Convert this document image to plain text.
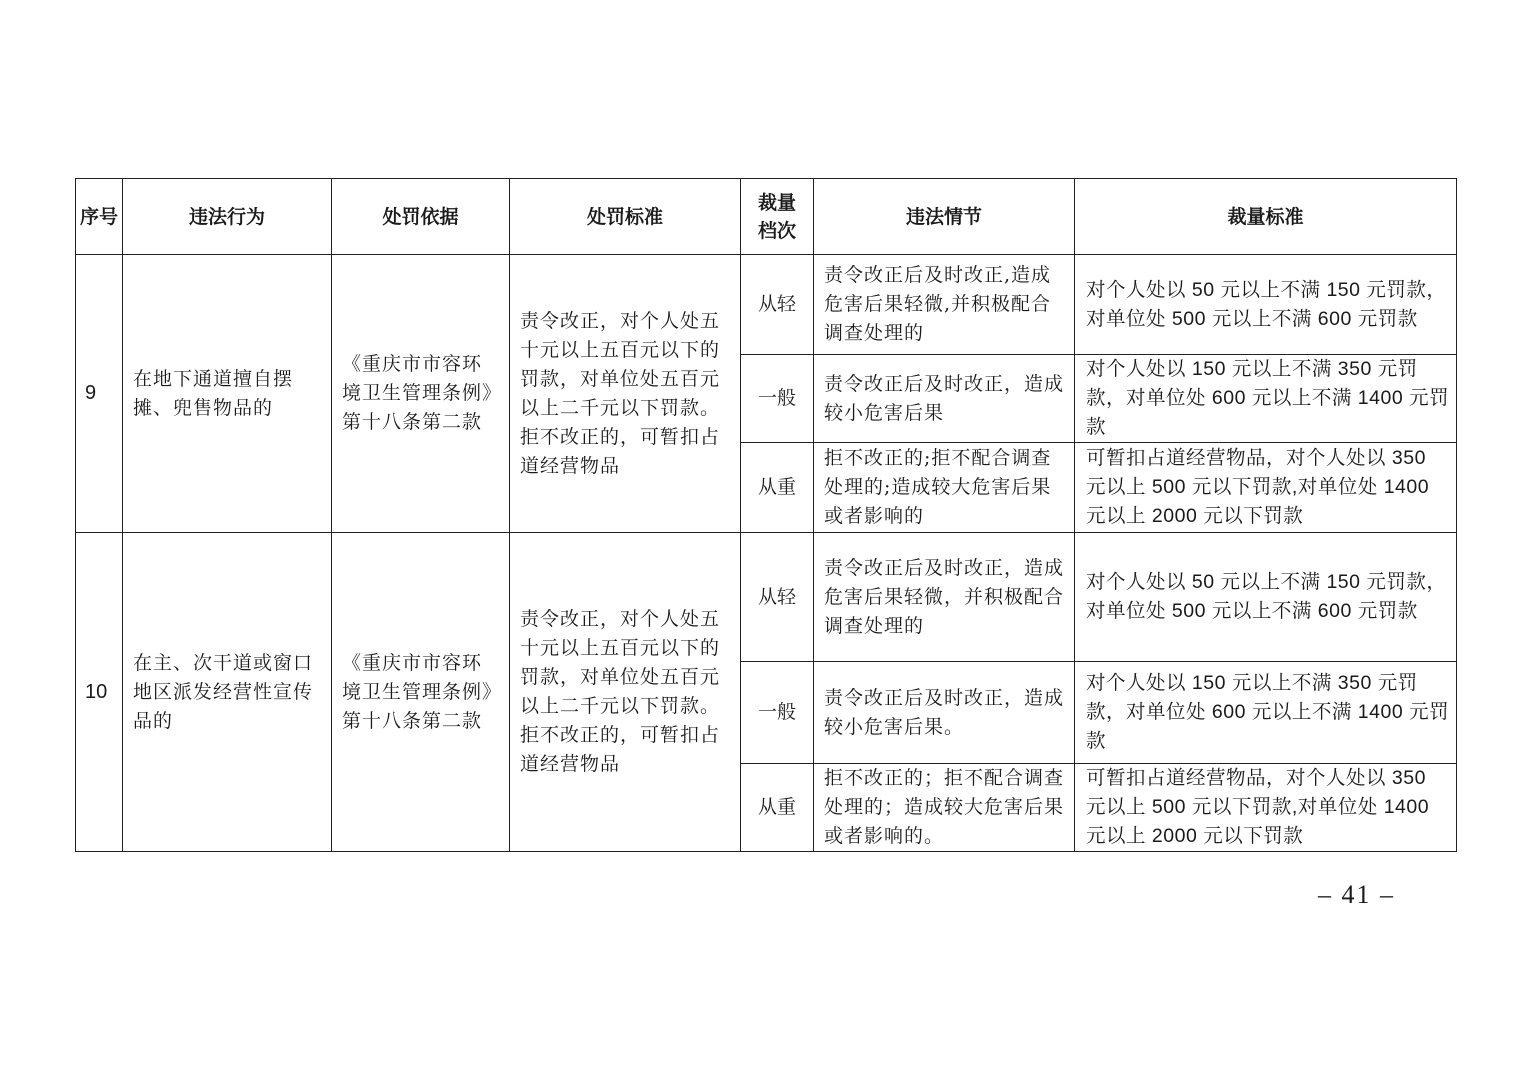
序号	违法行为	处罚依据	处罚标准	裁量档次	违法情节	裁量标准
9	在地下通道擅自摆摊、兜售物品的	《重庆市市容环境卫生管理条例》第十八条第二款	责令改正，对个人处五十元以上五百元以下的罚款，对单位处五百元以上二千元以下罚款。拒不改正的，可暂扣占道经营物品	从轻	责令改正后及时改正,造成危害后果轻微,并积极配合调查处理的	对个人处以 50 元以上不满 150 元罚款，对单位处 500 元以上不满 600 元罚款
				一般	责令改正后及时改正，造成较小危害后果	对个人处以 150 元以上不满 350 元罚款，对单位处 600 元以上不满 1400 元罚款
				从重	拒不改正的;拒不配合调查处理的;造成较大危害后果或者影响的	可暂扣占道经营物品，对个人处以 350 元以上 500 元以下罚款,对单位处 1400 元以上 2000 元以下罚款
10	在主、次干道或窗口地区派发经营性宣传品的	《重庆市市容环境卫生管理条例》第十八条第二款	责令改正，对个人处五十元以上五百元以下的罚款，对单位处五百元以上二千元以下罚款。拒不改正的，可暂扣占道经营物品	从轻	责令改正后及时改正，造成危害后果轻微，并积极配合调查处理的	对个人处以 50 元以上不满 150 元罚款，对单位处 500 元以上不满 600 元罚款
				一般	责令改正后及时改正，造成较小危害后果。	对个人处以 150 元以上不满 350 元罚款，对单位处 600 元以上不满 1400 元罚款
				从重	拒不改正的；拒不配合调查处理的；造成较大危害后果或者影响的。	可暂扣占道经营物品，对个人处以 350 元以上 500 元以下罚款,对单位处 1400 元以上 2000 元以下罚款
– 41 –
